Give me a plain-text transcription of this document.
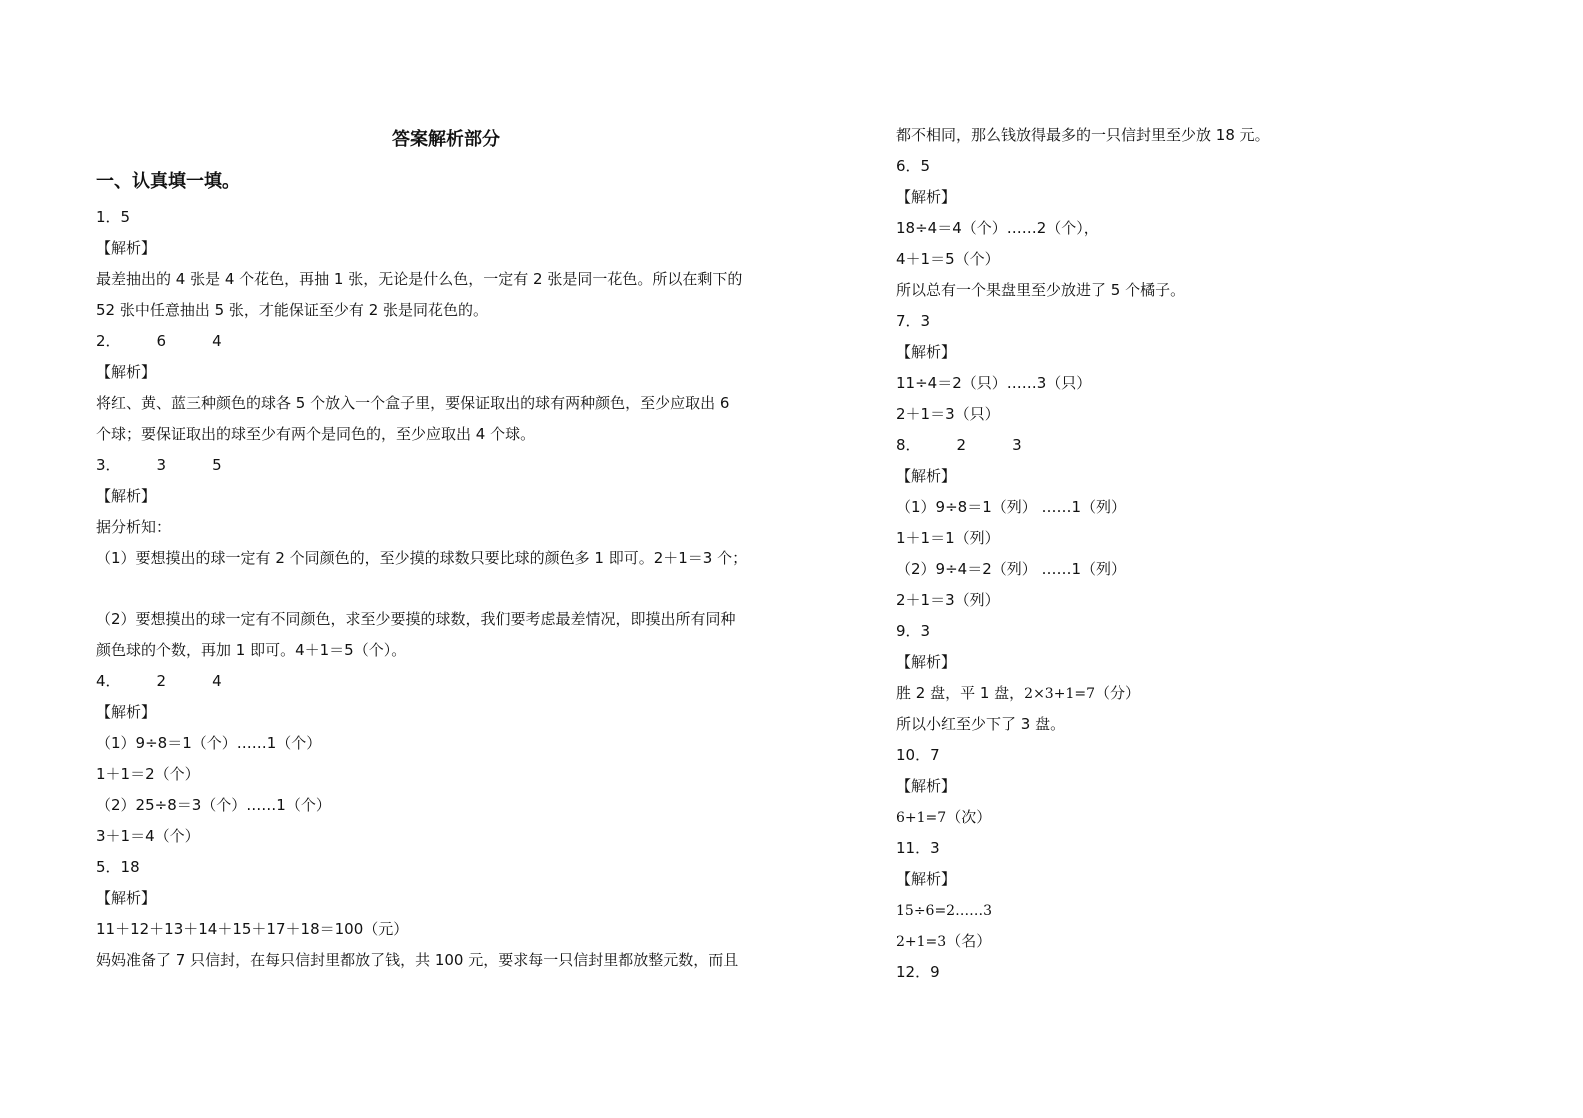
答案解析部分
一、认真填一填。
1．5
【解析】
最差抽出的 4 张是 4 个花色，再抽 1 张，无论是什么色，一定有 2 张是同一花色。所以在剩下的
52 张中任意抽出 5 张，才能保证至少有 2 张是同花色的。
2． 6	4
【解析】
将红、黄、蓝三种颜色的球各 5 个放入一个盒子里，要保证取出的球有两种颜色，至少应取出 6
个球；要保证取出的球至少有两个是同色的，至少应取出 4 个球。
3． 3	5
【解析】
据分析知：
（1）要想摸出的球一定有 2 个同颜色的，至少摸的球数只要比球的颜色多 1 即可。2＋1＝3 个；
（2）要想摸出的球一定有不同颜色，求至少要摸的球数，我们要考虑最差情况，即摸出所有同种
颜色球的个数，再加 1 即可。4＋1＝5（个）。
4． 2	4
【解析】
（1）9÷8＝1（个）……1（个）
1＋1＝2（个）
（2）25÷8＝3（个）……1（个）
3＋1＝4（个）
5．18
【解析】
11＋12＋13＋14＋15＋17＋18＝100（元）
妈妈准备了 7 只信封，在每只信封里都放了钱，共 100 元，要求每一只信封里都放整元数，而且
都不相同，那么钱放得最多的一只信封里至少放 18 元。
6．5
【解析】
18÷4＝4（个）……2（个），
4＋1＝5（个）
所以总有一个果盘里至少放进了 5 个橘子。
7．3
【解析】
11÷4＝2（只）……3（只）
2＋1＝3（只）
8． 2	3
【解析】
（1）9÷8＝1（列） ……1（列）
1＋1＝1（列）
（2）9÷4＝2（列） ……1（列）
2＋1＝3（列）
9．3
【解析】
胜 2 盘，平 1 盘，2×3+1=7（分）
所以小红至少下了 3 盘。
10．7
【解析】
6+1=7（次）
11．3
【解析】
15÷6=2……3
2+1=3（名）
12．9
